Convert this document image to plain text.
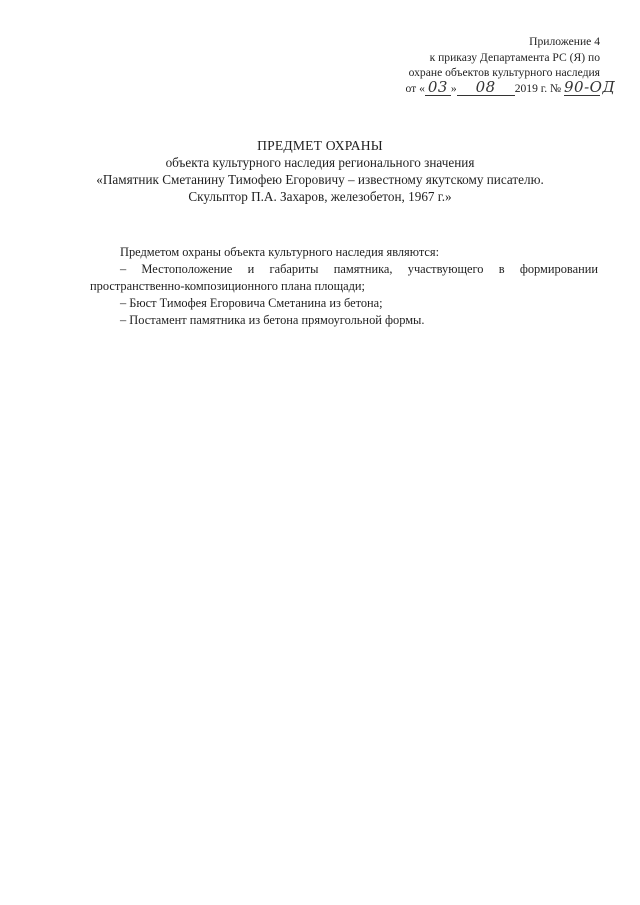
Приложение 4
к приказу Департамента РС (Я) по
охране объектов культурного наследия
от « 03 » 08 2019 г. № 90-ОД
ПРЕДМЕТ ОХРАНЫ
объекта культурного наследия регионального значения
«Памятник Сметанину Тимофею Егоровичу – известному якутскому писателю.
Скульптор П.А. Захаров, железобетон, 1967 г.»

Предметом охраны объекта культурного наследия являются:

– Местоположение и габариты памятника, участвующего в формировании пространственно-композиционного плана площади;

– Бюст Тимофея Егоровича Сметанина из бетона;

– Постамент памятника из бетона прямоугольной формы.
